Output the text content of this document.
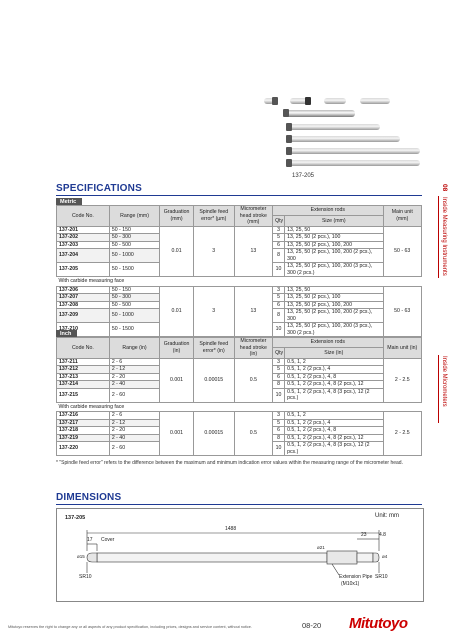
137-205
08
Inside Measuring Instruments
Inside Micrometers
SPECIFICATIONS
Metric
Code No.	Range (mm)	Graduation (mm)	Spindle feed error* (µm)	Micrometer head stroke (mm)	Extension rods		Main unit (mm)
					Qty	Size (mm)	
137-201	50 - 150	0.01	3	13	3	13, 25, 50	50 - 63
137-202	50 - 300				5	13, 25, 50 (2 pcs.), 100	
137-203	50 - 500				6	13, 25, 50 (2 pcs.), 100, 200	
137-204	50 - 1000				8	13, 25, 50 (2 pcs.), 100, 200 (2 pcs.), 300	
137-205	50 - 1500				10	13, 25, 50 (2 pcs.), 100, 200 (3 pcs.), 300 (2 pcs.)	
With carbide measuring face							
137-206	50 - 150	0.01	3	13	3	13, 25, 50	50 - 63
137-207	50 - 300				5	13, 25, 50 (2 pcs.), 100	
137-208	50 - 500				6	13, 25, 50 (2 pcs.), 100, 200	
137-209	50 - 1000				8	13, 25, 50 (2 pcs.), 100, 200 (2 pcs.), 300	
	50 - 1500				10	13, 25, 50 (2 pcs.), 100, 200 (3 pcs.), 300 (2 pcs.)	
Inch
Code No.	Range (in)	Graduation (in)	Spindle feed error* (in)	Micrometer head stroke (in)	Extension rods		Main unit (in)
					Qty	Size (in)	
137-211	2 - 6	0.001	0.00015	0.5	3	0.5, 1, 2	2 - 2.5
137-212	2 - 12				5	0.5, 1, 2 (2 pcs.), 4	
137-213	2 - 20				6	0.5, 1, 2 (2 pcs.), 4, 8	
137-214	2 - 40				8	0.5, 1, 2 (2 pcs.), 4, 8 (2 pcs.), 12	
137-215	2 - 60				10	0.5, 1, 2 (2 pcs.), 4, 8 (3 pcs.), 12 (2 pcs.)	
With carbide measuring face							
137-216	2 - 6	0.001	0.00015	0.5	3	0.5, 1, 2	2 - 2.5
137-217	2 - 12				5	0.5, 1, 2 (2 pcs.), 4	
137-218	2 - 20				6	0.5, 1, 2 (2 pcs.), 4, 8	
137-219	2 - 40				8	0.5, 1, 2 (2 pcs.), 4, 8 (2 pcs.), 12	
137-220	2 - 60				10	0.5, 1, 2 (2 pcs.), 4, 8 (3 pcs.), 12 (2 pcs.)	
* "Spindle feed error" refers to the difference between the maximum and minimum indication error values within the measuring range of the micrometer head.
DIMENSIONS
137-205	Unit: mm
1488
17 Cover
23 4.8
ø15
ø21
ø4
SR10	SR10
Extension Pipe
(M10x1)
Mitutoyo reserves the right to change any or all aspects of any product specification, including prices, designs and service content, without notice.	08-20 Mitutoyo
